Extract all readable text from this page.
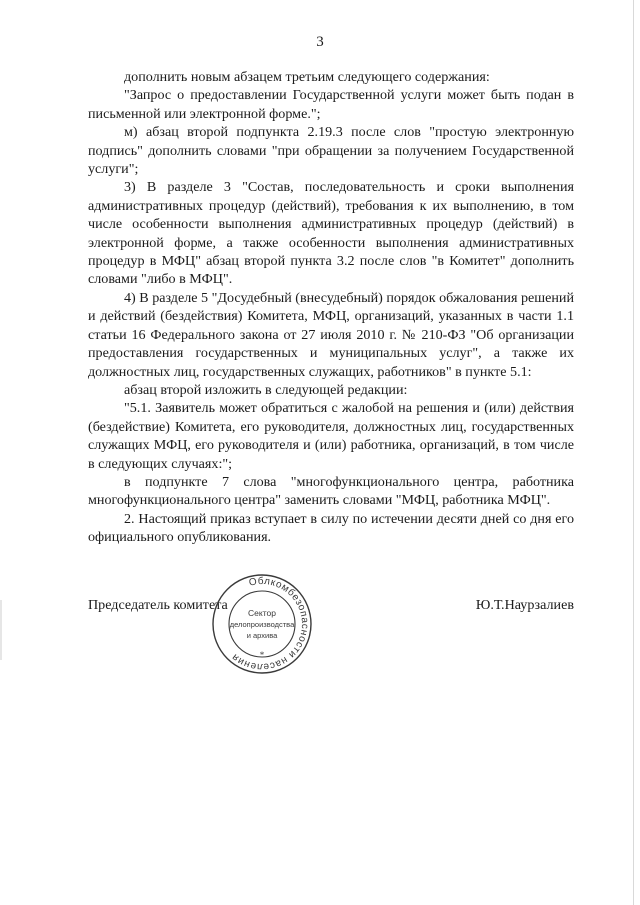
3

дополнить новым абзацем третьим следующего содержания:

"Запрос о предоставлении Государственной услуги может быть подан в письменной или электронной форме.";

м) абзац второй подпункта 2.19.3 после слов "простую электронную подпись" дополнить словами "при обращении за получением Государственной услуги";

3) В разделе 3 "Состав, последовательность и сроки выполнения административных процедур (действий), требования к их выполнению, в том числе особенности выполнения административных процедур (действий) в электронной форме, а также особенности выполнения административных процедур в МФЦ" абзац второй пункта 3.2 после слов "в Комитет" дополнить словами "либо в МФЦ".

4) В разделе 5 "Досудебный (внесудебный) порядок обжалования решений и действий (бездействия) Комитета, МФЦ, организаций, указанных в части 1.1 статьи 16 Федерального закона от 27 июля 2010 г. № 210-ФЗ "Об организации предоставления государственных и муниципальных услуг", а также их должностных лиц, государственных служащих, работников" в пункте 5.1:

абзац второй изложить в следующей редакции:

"5.1. Заявитель может обратиться с жалобой на решения и (или) действия (бездействие) Комитета, его руководителя, должностных лиц, государственных служащих МФЦ, его руководителя и (или) работника, организаций, в том числе в следующих случаях:";

в подпункте 7 слова "многофункционального центра, работника многофункционального центра" заменить словами "МФЦ, работника МФЦ".

2. Настоящий приказ вступает в силу по истечении десяти дней со дня его официального опубликования.

Председатель комитета	Ю.Т.Наурзалиев
Облкомбезопасности населения
Сектор
делопроизводства
и архива
*
